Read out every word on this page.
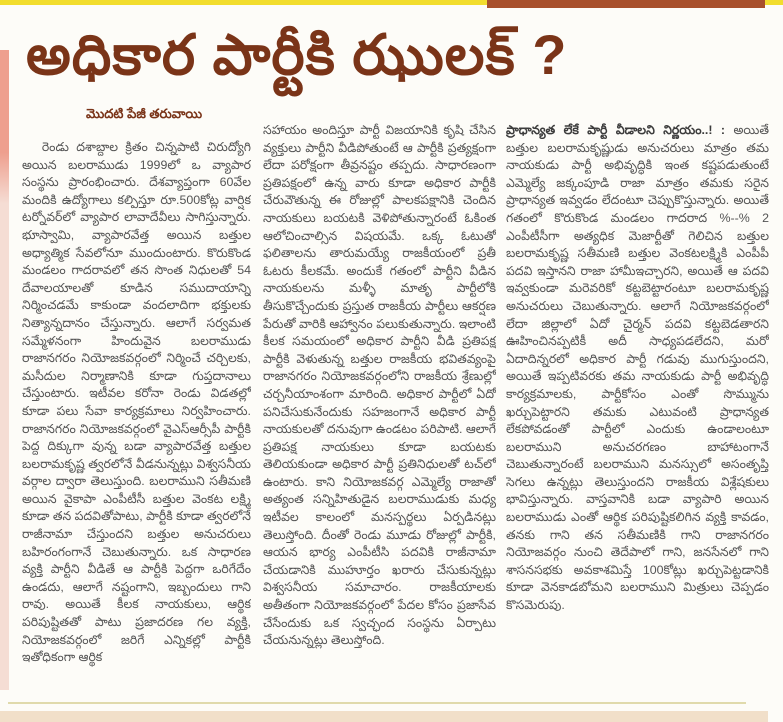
అధికార పార్టీకి ఝులక్ ?
మొదటి పేజీ తరువాయి

రెండు దశాబ్దాల క్రితం చిన్నపాటి చిరుద్యోగి అయిన బలరాముడు 1999లో ఒ వ్యాపార సంస్థను ప్రారంభించారు. దేశవ్యాప్తంగా 60వేల మందికి ఉద్యోగాలు కల్పిస్తూ రూ.500కోట్ల వార్షిక టర్నోవర్‌లో వ్యాపార లావాదేవీలు సాగిస్తున్నారు. భూస్వామి, వ్యాపారవేత్త అయిన బత్తుల అధ్యాత్మిక సేవలోనూ ముందుంటారు. కొరుకొండ మండలం గాదరావలో తన సొంత నిధులతో 54 దేవాలయాలతో కూడిన సముదాయాన్ని నిర్మించడమే కాకుండా వందలాదిగా భక్తులకు నిత్యాన్నదానం చేస్తున్నారు. ఆలాగే సర్వమత సమ్మేళనంగా హిందువైన బలరాముడు రాజానగరం నియోజకవర్గంలో నిర్మించే చర్చిలకు, మసీదుల నిర్మాణానికి కూడా గుప్తదానాలు చేస్తుంటారు. ఇటీవల కరోనా రెండు విడతల్లో కూడా పలు సేవా కార్యక్రమాలు నిర్వహించారు. రాజానగరం నియోజకవర్గంలో వైఎస్ఆర్సీపీ పార్టీకి పెద్ద దిక్కుగా వున్న బడా వ్యాపారవేత్త బత్తుల బలరామకృష్ణ త్వరలోనే వీడనున్నట్లు విశ్వసనీయ వర్గాల ద్వారా తెలుస్తుంది. బలరాముని సతీమణి అయిన వైకాపా ఎంపీటీసీ బత్తుల వెంకట లక్ష్మి కూడా తన పదవితోపాటు, పార్టీకి కూడా త్వరలోనే రాజీనామా చేస్తుందని బత్తుల అనుచరులు బహిరంగంగానే చెబుతున్నారు. ఒక సాధారణ వ్యక్తి పార్టీని వీడితే ఆ పార్టీకి పెద్దగా ఒరిగేదేం ఉండదు, ఆలాగే నష్టంగాని, ఇబ్బందులు గాని రావు. అయితే కీలక నాయకులు, ఆర్థిక పరిపుష్టితతో పాటు ప్రజాదరణ గల వ్యక్తి, నియోజకవర్గంలో జరిగే ఎన్నికల్లో పార్టీకి ఇతోధికంగా ఆర్థిక

సహాయం అందిస్తూ పార్టీ విజయానికి కృషి చేసిన వ్యక్తులు పార్టీని వీడిపోతుంటే ఆ పార్టీకి ప్రత్యక్షంగా లేదా పరోక్షంగా తీవ్రనష్టం తప్పదు. సాధారణంగా ప్రతిపక్షంలో ఉన్న వారు కూడా అధికార పార్టీకి చేరువౌతున్న ఈ రోజుల్లో పాలకపక్షానికి చెందిన నాయకులు బయటకి వెళిపోతున్నారంటే ఓకింత ఆలోచించాల్సిన విషయమే. ఒక్క ఓటుతో ఫలితాలను తారుమయ్యే రాజకీయంలో ప్రతీ ఓటరు కీలకమే. అందుకే గతంలో పార్టీని వీడిన నాయకులను మళ్ళీ మాతృ పార్టీలోకి తీసుకొచ్చేందుకు ప్రస్తుత రాజకీయ పార్టీలు ఆకర్షణ పేరుతో వారికి ఆహ్వానం పలుకుతున్నారు. ఇలాంటి కీలక సమయంలో అధికార పార్టీని వీడి ప్రతిపక్ష పార్టీకి వెళుతున్న బత్తుల రాజకీయ భవితవ్యంపై రాజానగరం నియోజకవర్గంలోని రాజకీయ శ్రేణుల్లో చర్చనీయాంశంగా మారింది. అధికార పార్టీలో ఏదో పనిచేసుకునేందుకు సహజంగానే అధికార పార్టీ నాయకులతో దనువుగా ఉండటం పరిపాటి. ఆలాగే ప్రతిపక్ష నాయకులు కూడా బయటకు తెలియకుండా అధికార పార్టీ ప్రతినిధులతో టచ్‌లో ఉంటారు. కాని నియోజకవర్గ ఎమ్మెల్యే రాజాతో అత్యంత సన్నిహితుడైన బలరాముడుకు మధ్య ఇటీవల కాలంలో మనస్పర్థలు ఏర్పడినట్లు తెలుస్తోంది. దీంతో రెండు మూడు రోజుల్లో పార్టీకి, ఆయన భార్య ఎంపీటీసి పదవికి రాజీనామా చేయడానికి ముహూర్తం ఖరారు చేసుకున్నట్లు విశ్వసనీయ సమాచారం. రాజకీయాలకు అతీతంగా నియోజకవర్గంలో పేదల కోసం ప్రజాసేవ చేసేందుకు ఒక స్వచ్ఛంద సంస్థను ఏర్పాటు చేయనున్నట్లు తెలుస్తోంది.

ప్రాధాన్యత లేకే పార్టీ వీడాలని నిర్ణయం..! : అయితే బత్తుల బలరామకృష్ణుడు అనుచరులు మాత్రం తమ నాయకుడు పార్టీ అభివృద్ధికి ఇంత కష్టపడుతుంటే ఎమ్మెల్యే జక్కంపూడి రాజా మాత్రం తమకు సరైన ప్రాధాన్యత ఇవ్వడం లేదంటూ చెప్పుకొస్తున్నారు. అయితే గతంలో కొరుకొండ మండలం గాదరాద %--% 2 ఎంపీటీసీగా అత్యధిక మెజార్టీతో గెలిచిన బత్తుల బలరామకృష్ణ సతీమణి బత్తుల వెంకటలక్ష్మికి ఎంపీపీ పదవి ఇస్తానని రాజా హామీఇచ్చారని, అయితే ఆ పదవి ఇవ్వకుండా మరెవరికో కట్టబెట్టారంటూ బలరామకృష్ణ అనుచరులు చెబుతున్నారు. ఆలాగే నియోజకవర్గంలో లేదా జిల్లాలో ఏదో చైర్మన్ పదవి కట్టబెడతారని ఊహించినప్పటికీ అదీ సాధ్యపడలేదని, మరో ఏదాదిన్నరలో అధికార పార్టీ గడువు ముగుస్తుందని, అయితే ఇప్పటివరకు తమ నాయకుడు పార్టీ అభివృద్ధి కార్యక్రమాలకు, పార్టీకోసం ఎంతో సొమ్మును ఖర్చుపెట్టారని తమకు ఎటువంటి ప్రాధాన్యత లేకపోవడంతో పార్టీలో ఎందుకు ఉండాలంటూ బలరాముని అనుచరగణం బాహాటంగానే చెబుతున్నారంటే బలరాముని మనస్సులో అసంతృప్తి సెగలు ఉన్నట్లు తెలుస్తుందని రాజకీయ విశ్లేషకులు భావిస్తున్నారు. వాస్తవానికి బడా వ్యాపారి అయిన బలరాముడు ఎంతో ఆర్థిక పరిపుష్టికలిగిన వ్యక్తి కావడం, తనకు గాని తన సతీమణికి గాని రాజానగరం నియోజవర్గం నుంచి తెదేపాలో గాని, జనసేనలో గాని శాసనసభకు అవకాశమిస్తే 100కోట్లు ఖర్చుపెట్టడానికి కూడా వెనకాడబోమని బలరాముని మిత్రులు చెప్పడం కొసమెరుపు.
